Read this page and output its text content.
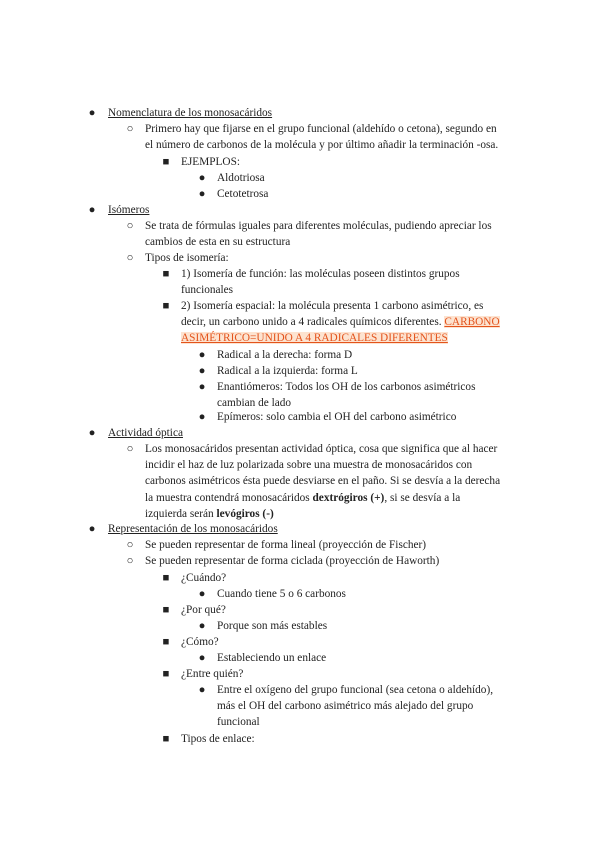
● Nomenclatura de los monosacáridos
○ Primero hay que fijarse en el grupo funcional (aldehído o cetona), segundo en

el número de carbonos de la molécula y por último añadir la terminación -osa.

■ EJEMPLOS:
● Aldotriosa
● Cetotetrosa
● Isómeros
○ Se trata de fórmulas iguales para diferentes moléculas, pudiendo apreciar los

cambios de esta en su estructura

○ Tipos de isomería:
■ 1) Isomería de función: las moléculas poseen distintos grupos

funcionales

■ 2) Isomería espacial: la molécula presenta 1 carbono asimétrico, es

decir, un carbono unido a 4 radicales químicos diferentes. CARBONO

ASIMÉTRICO=UNIDO A 4 RADICALES DIFERENTES

● Radical a la derecha: forma D
● Radical a la izquierda: forma L
● Enantiómeros: Todos los OH de los carbonos asimétricos

cambian de lado

● Epímeros: solo cambia el OH del carbono asimétrico
● Actividad óptica
○ Los monosacáridos presentan actividad óptica, cosa que significa que al hacer

incidir el haz de luz polarizada sobre una muestra de monosacáridos con

carbonos asimétricos ésta puede desviarse en el paño. Si se desvía a la derecha

la muestra contendrá monosacáridos dextrógiros (+), si se desvía a la

izquierda serán levógiros (-)

● Representación de los monosacáridos
○ Se pueden representar de forma lineal (proyección de Fischer)
○ Se pueden representar de forma ciclada (proyección de Haworth)
■ ¿Cuándo?
● Cuando tiene 5 o 6 carbonos
■ ¿Por qué?
● Porque son más estables
■ ¿Cómo?
● Estableciendo un enlace
■ ¿Entre quién?
● Entre el oxígeno del grupo funcional (sea cetona o aldehído),

más el OH del carbono asimétrico más alejado del grupo

funcional

■ Tipos de enlace:
